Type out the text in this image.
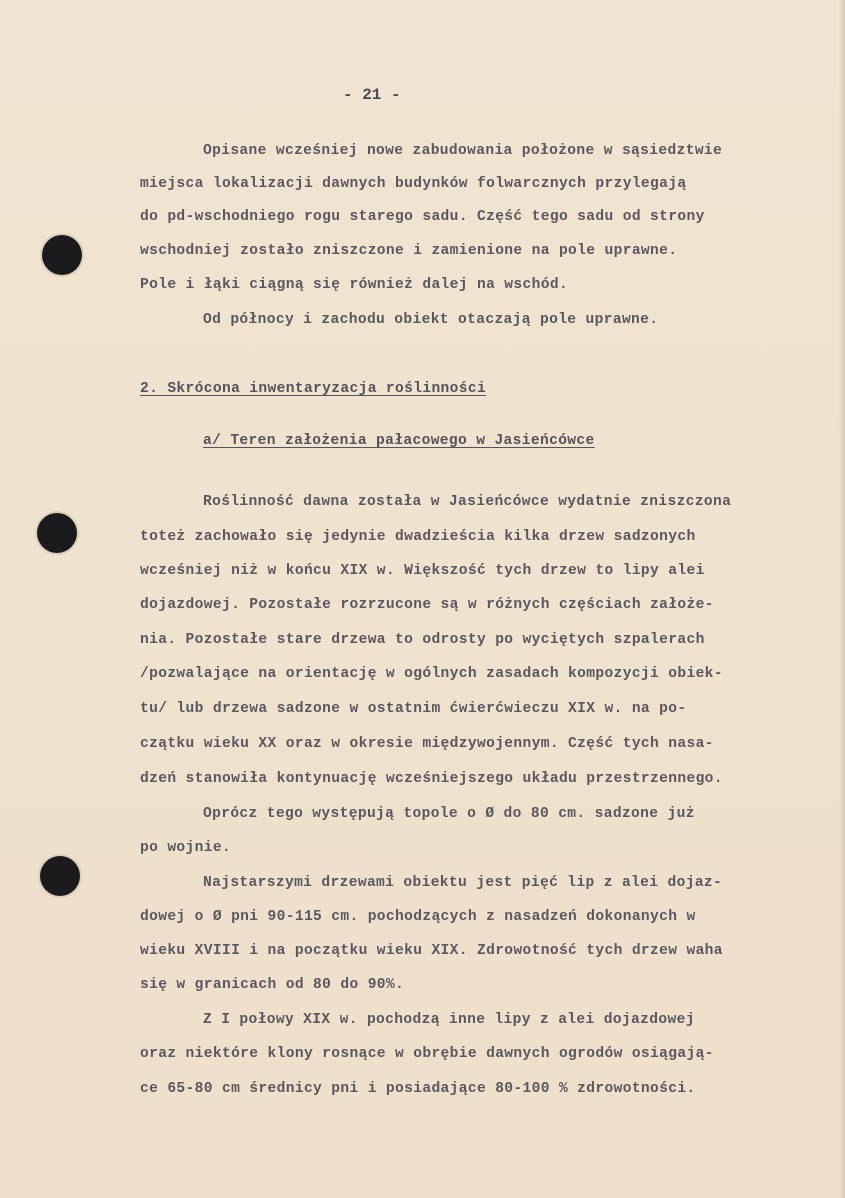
- 21 -
Opisane wcześniej nowe zabudowania położone w sąsiedztwie
miejsca lokalizacji dawnych budynków folwarcznych przylegają
do pd-wschodniego rogu starego sadu. Część tego sadu od strony
wschodniej zostało zniszczone i zamienione na pole uprawne.
Pole i łąki ciągną się również dalej na wschód.
Od północy i zachodu obiekt otaczają pole uprawne.
2. Skrócona inwentaryzacja roślinności
a/ Teren założenia pałacowego w Jasieńcówce
Roślinność dawna została w Jasieńcówce wydatnie zniszczona
toteż zachowało się jedynie dwadzieścia kilka drzew sadzonych
wcześniej niż w końcu XIX w. Większość tych drzew to lipy alei
dojazdowej. Pozostałe rozrzucone są w różnych częściach założe-
nia. Pozostałe stare drzewa to odrosty po wyciętych szpalerach
/pozwalające na orientację w ogólnych zasadach kompozycji obiek-
tu/ lub drzewa sadzone w ostatnim ćwierćwieczu XIX w. na po-
czątku wieku XX oraz w okresie międzywojennym. Część tych nasa-
dzeń stanowiła kontynuację wcześniejszego układu przestrzennego.
Oprócz tego występują topole o Ø do 80 cm. sadzone już
po wojnie.
Najstarszymi drzewami obiektu jest pięć lip z alei dojaz-
dowej o Ø pni 90-115 cm. pochodzących z nasadzeń dokonanych w
wieku XVIII i na początku wieku XIX. Zdrowotność tych drzew waha
się w granicach od 80 do 90%.
Z I połowy XIX w. pochodzą inne lipy z alei dojazdowej
oraz niektóre klony rosnące w obrębie dawnych ogrodów osiągają-
ce 65-80 cm średnicy pni i posiadające 80-100 % zdrowotności.
